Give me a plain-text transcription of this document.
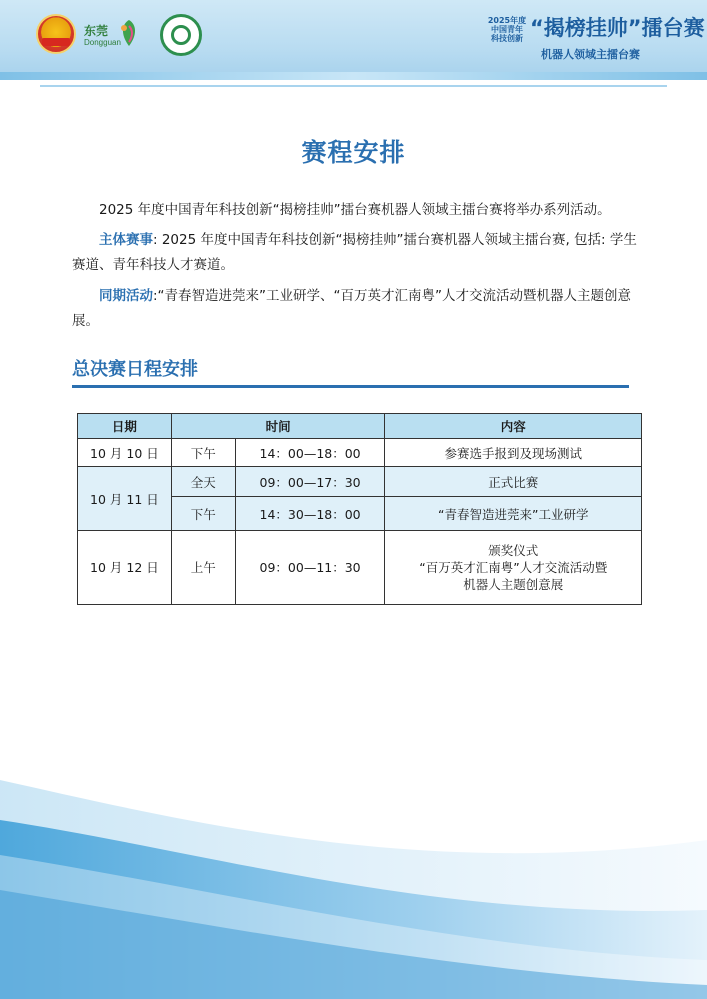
东莞
Dongguan
2025年度 中国青年 科技创新 “揭榜挂帅”擂台赛
机器人领域主擂台赛
赛程安排

2025 年度中国青年科技创新“揭榜挂帅”擂台赛机器人领域主擂台赛将举办系列活动。

主体赛事: 2025 年度中国青年科技创新“揭榜挂帅”擂台赛机器人领域主擂台赛, 包括: 学生赛道、青年科技人才赛道。

同期活动:“青春智造进莞来”工业研学、“百万英才汇南粤”人才交流活动暨机器人主题创意展。

总决赛日程安排
日期	时间		内容
10 月 10 日	下午	14：00—18：00	参赛选手报到及现场测试

10 月 11 日	全天	09：00—17：30	正式比赛

	下午	14：30—18：00	“青春智造进莞来”工业研学

10 月 12 日	上午	09：00—11：30	颁奖仪式
“百万英才汇南粤”人才交流活动暨
机器人主题创意展
